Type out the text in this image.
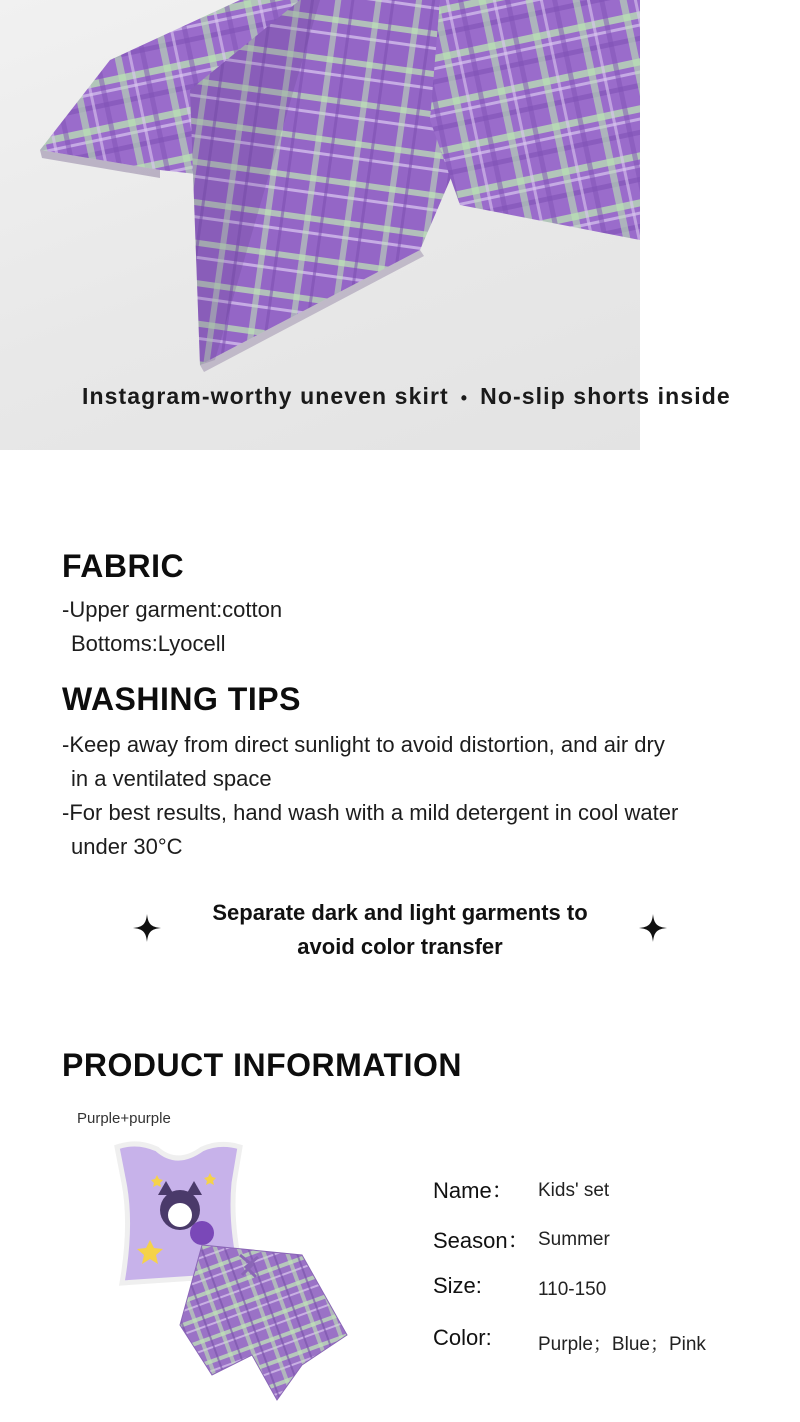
Instagram-worthy uneven skirt • No-slip shorts inside
FABRIC
-Upper garment:cotton
Bottoms:Lyocell
WASHING TIPS
-Keep away from direct sunlight to avoid distortion, and air dry
in a ventilated space
-For best results, hand wash with a mild detergent in cool water
under 30°C
Separate dark and light garments to
avoid color transfer
PRODUCT INFORMATION
Purple+purple
Name： Kids' set
Season： Summer
Size:	110-150
Color: Purple；Blue；Pink
